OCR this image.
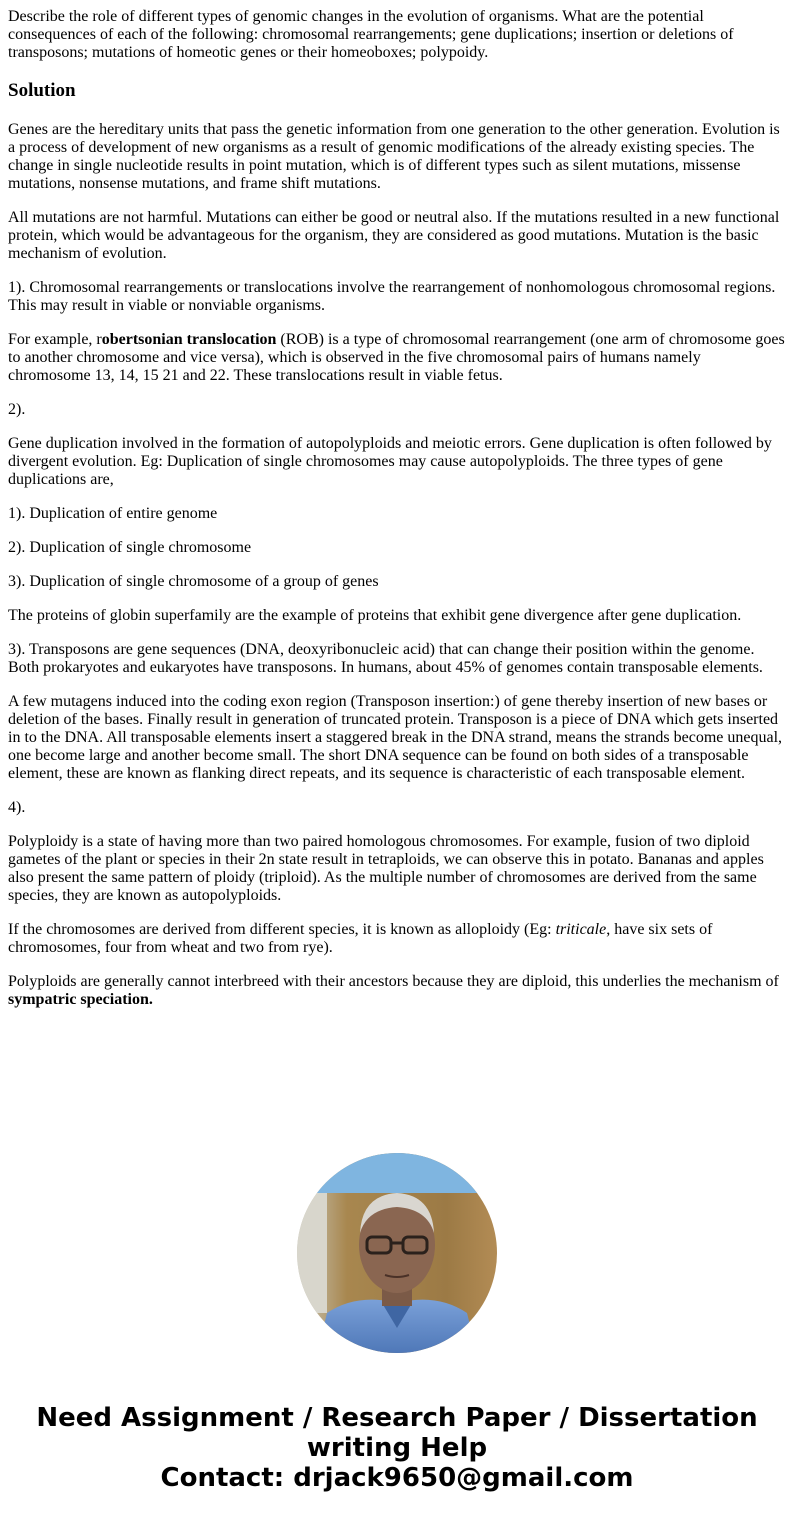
Describe the role of different types of genomic changes in the evolution of organisms. What are the potential consequences of each of the following: chromosomal rearrangements; gene duplications; insertion or deletions of transposons; mutations of homeotic genes or their homeoboxes; polypoidy.

Solution

Genes are the hereditary units that pass the genetic information from one generation to the other generation. Evolution is a process of development of new organisms as a result of genomic modifications of the already existing species. The change in single nucleotide results in point mutation, which is of different types such as silent mutations, missense mutations, nonsense mutations, and frame shift mutations.

All mutations are not harmful. Mutations can either be good or neutral also. If the mutations resulted in a new functional protein, which would be advantageous for the organism, they are considered as good mutations. Mutation is the basic mechanism of evolution.

1). Chromosomal rearrangements or translocations involve the rearrangement of nonhomologous chromosomal regions. This may result in viable or nonviable organisms.

For example, robertsonian translocation (ROB) is a type of chromosomal rearrangement (one arm of chromosome goes to another chromosome and vice versa), which is observed in the five chromosomal pairs of humans namely chromosome 13, 14, 15 21 and 22. These translocations result in viable fetus.

2).

Gene duplication involved in the formation of autopolyploids and meiotic errors. Gene duplication is often followed by divergent evolution. Eg: Duplication of single chromosomes may cause autopolyploids. The three types of gene duplications are,

1). Duplication of entire genome

2). Duplication of single chromosome

3). Duplication of single chromosome of a group of genes

The proteins of globin superfamily are the example of proteins that exhibit gene divergence after gene duplication.

3). Transposons are gene sequences (DNA, deoxyribonucleic acid) that can change their position within the genome. Both prokaryotes and eukaryotes have transposons. In humans, about 45% of genomes contain transposable elements.

A few mutagens induced into the coding exon region (Transposon insertion:) of gene thereby insertion of new bases or deletion of the bases. Finally result in generation of truncated protein. Transposon is a piece of DNA which gets inserted in to the DNA. All transposable elements insert a staggered break in the DNA strand, means the strands become unequal, one become large and another become small. The short DNA sequence can be found on both sides of a transposable element, these are known as flanking direct repeats, and its sequence is characteristic of each transposable element.

4).

Polyploidy is a state of having more than two paired homologous chromosomes. For example, fusion of two diploid gametes of the plant or species in their 2n state result in tetraploids, we can observe this in potato. Bananas and apples also present the same pattern of ploidy (triploid). As the multiple number of chromosomes are derived from the same species, they are known as autopolyploids.

If the chromosomes are derived from different species, it is known as alloploidy (Eg: triticale, have six sets of chromosomes, four from wheat and two from rye).

Polyploids are generally cannot interbreed with their ancestors because they are diploid, this underlies the mechanism of sympatric speciation.

Need Assignment / Research Paper / Dissertation
writing Help
Contact: drjack9650@gmail.com
